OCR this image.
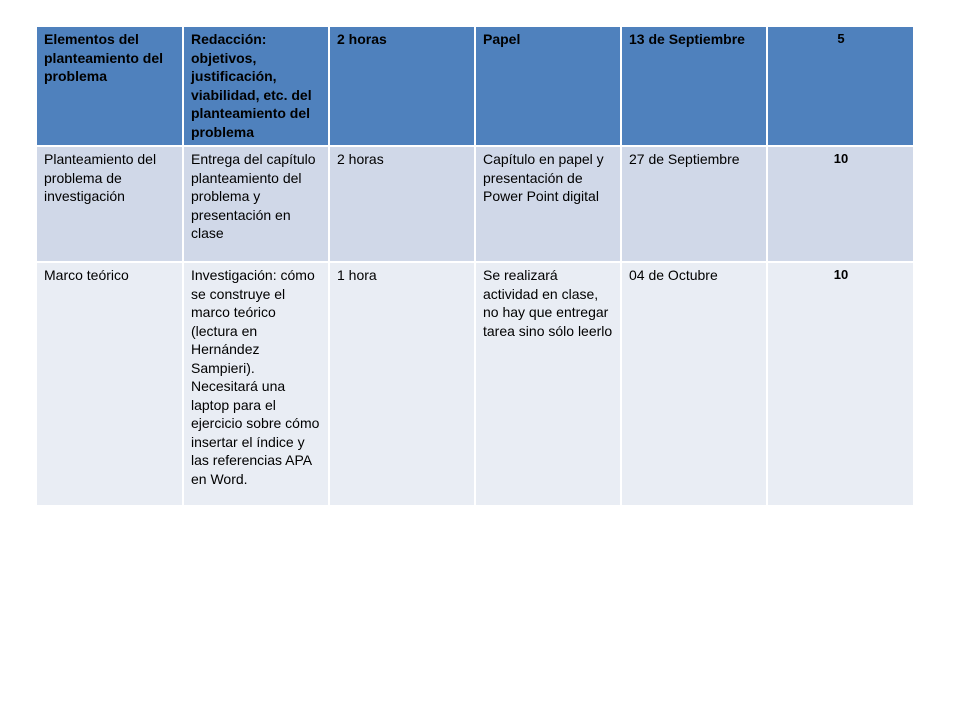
Elementos del planteamiento del problema	Redacción: objetivos, justificación, viabilidad, etc. del planteamiento del problema	2 horas	Papel	13 de Septiembre	5
Planteamiento del problema de investigación	Entrega del capítulo planteamiento del problema y presentación en clase	2 horas	Capítulo en papel y presentación de Power Point digital	27 de Septiembre	10
Marco teórico	Investigación: cómo se construye el marco teórico (lectura en Hernández Sampieri). Necesitará una laptop para el ejercicio sobre cómo insertar el índice y las referencias APA en Word.	1 hora	Se realizará actividad en clase, no hay que entregar tarea sino sólo leerlo	04 de Octubre	10
